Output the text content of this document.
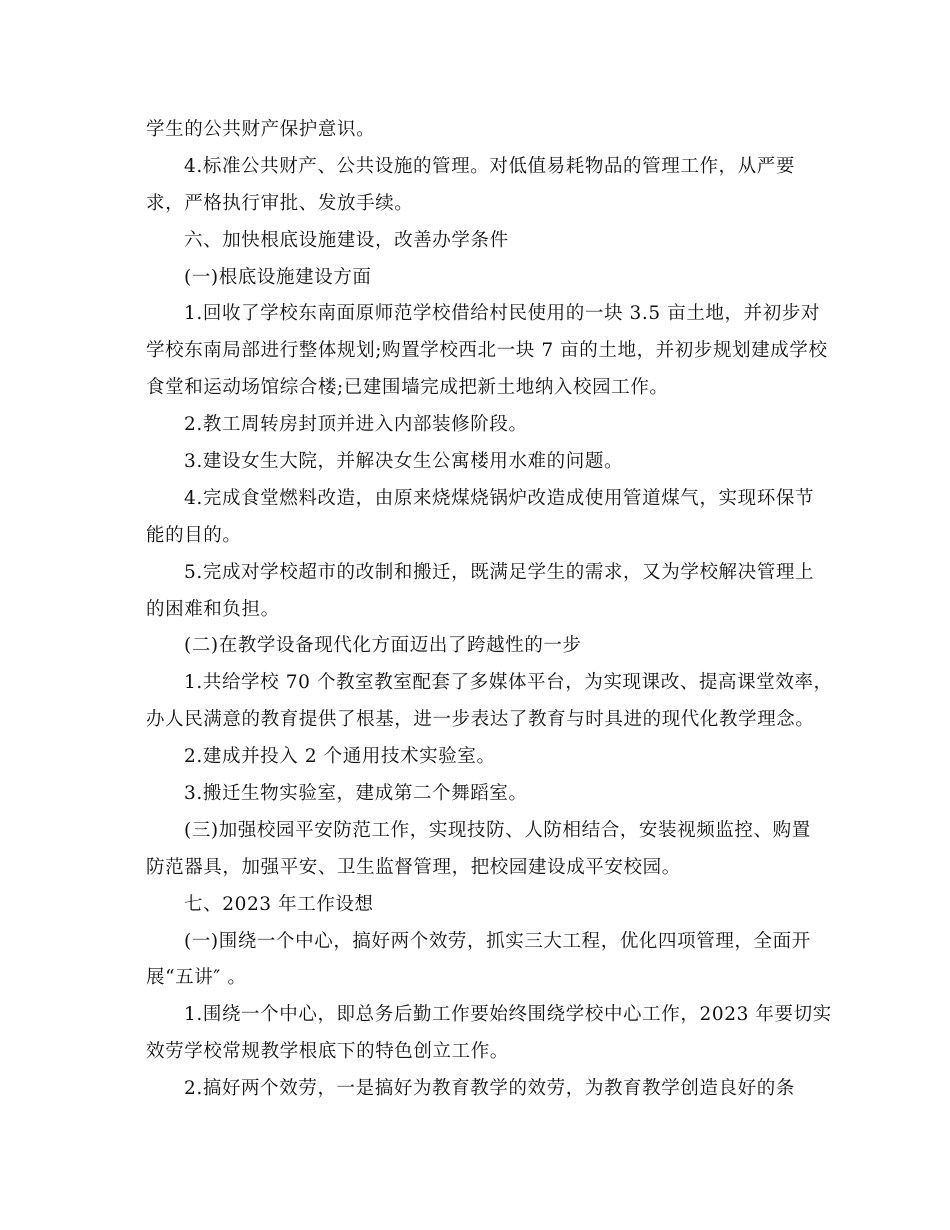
学生的公共财产保护意识。
4.标准公共财产、公共设施的管理。对低值易耗物品的管理工作，从严要
求，严格执行审批、发放手续。
六、加快根底设施建设，改善办学条件
(一)根底设施建设方面
1.回收了学校东南面原师范学校借给村民使用的一块 3.5 亩土地，并初步对
学校东南局部进行整体规划;购置学校西北一块 7 亩的土地，并初步规划建成学校
食堂和运动场馆综合楼;已建围墙完成把新土地纳入校园工作。
2.教工周转房封顶并进入内部装修阶段。
3.建设女生大院，并解决女生公寓楼用水难的问题。
4.完成食堂燃料改造，由原来烧煤烧锅炉改造成使用管道煤气，实现环保节
能的目的。
5.完成对学校超市的改制和搬迁，既满足学生的需求，又为学校解决管理上
的困难和负担。
(二)在教学设备现代化方面迈出了跨越性的一步
1.共给学校 70 个教室教室配套了多媒体平台，为实现课改、提高课堂效率，
办人民满意的教育提供了根基，进一步表达了教育与时具进的现代化教学理念。
2.建成并投入 2 个通用技术实验室。
3.搬迁生物实验室，建成第二个舞蹈室。
(三)加强校园平安防范工作，实现技防、人防相结合，安装视频监控、购置
防范器具，加强平安、卫生监督管理，把校园建设成平安校园。
七、2023 年工作设想
(一)围绕一个中心，搞好两个效劳，抓实三大工程，优化四项管理，全面开
展“五讲″ 。
1.围绕一个中心，即总务后勤工作要始终围绕学校中心工作，2023 年要切实
效劳学校常规教学根底下的特色创立工作。
2.搞好两个效劳，一是搞好为教育教学的效劳，为教育教学创造良好的条
